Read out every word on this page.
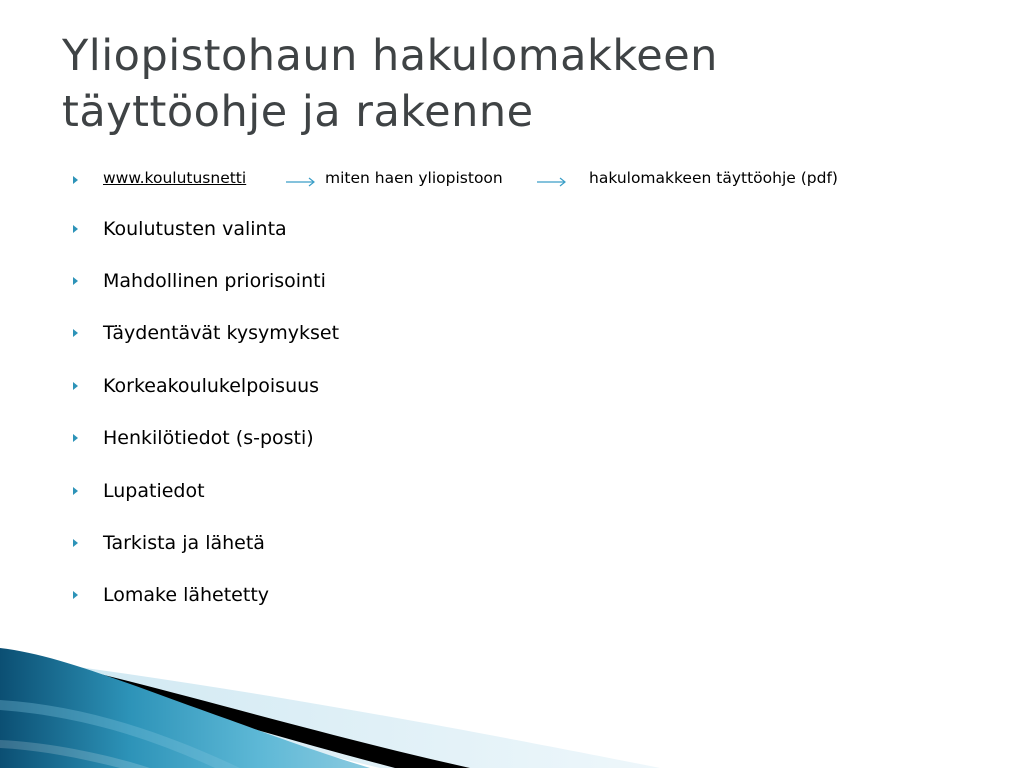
Yliopistohaun hakulomakkeen
täyttöohje ja rakenne
www.koulutusnetti	miten haen yliopistoon	hakulomakkeen täyttöohje (pdf)
Koulutusten valinta
Mahdollinen priorisointi
Täydentävät kysymykset
Korkeakoulukelpoisuus
Henkilötiedot (s-posti)
Lupatiedot
Tarkista ja lähetä
Lomake lähetetty
